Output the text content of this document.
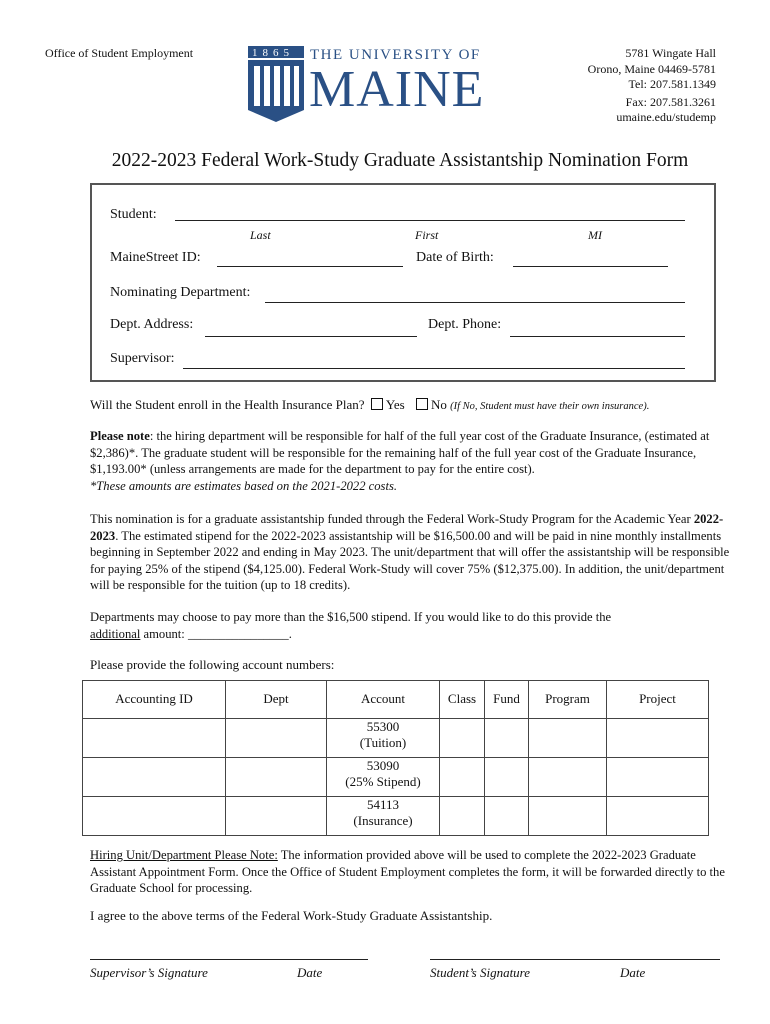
Office of Student Employment	1865 THE UNIVERSITY OF
MAINE
5781 Wingate Hall
Orono, Maine 04469-5781
Tel: 207.581.1349
Fax: 207.581.3261
umaine.edu/studemp
2022-2023 Federal Work-Study Graduate Assistantship Nomination Form
Student:
Last	First	MI
MaineStreet ID:	Date of Birth:
Nominating Department:
Dept. Address:	Dept. Phone:
Supervisor:
Will the Student enroll in the Health Insurance Plan? Yes No (If No, Student must have their own insurance).

Please note: the hiring department will be responsible for half of the full year cost of the Graduate Insurance, (estimated at $2,386)*. The graduate student will be responsible for the remaining half of the full year cost of the Graduate Insurance, $1,193.00* (unless arrangements are made for the department to pay for the entire cost).

*These amounts are estimates based on the 2021-2022 costs.

This nomination is for a graduate assistantship funded through the Federal Work-Study Program for the Academic Year 2022-2023. The estimated stipend for the 2022-2023 assistantship will be $16,500.00 and will be paid in nine monthly installments beginning in September 2022 and ending in May 2023. The unit/department that will offer the assistantship will be responsible for paying 25% of the stipend ($4,125.00). Federal Work-Study will cover 75% ($12,375.00). In addition, the unit/department will be responsible for the tuition (up to 18 credits).

Departments may choose to pay more than the $16,500 stipend. If you would like to do this provide the

additional amount: ________________.

Please provide the following account numbers:
Accounting ID	Dept	Account	Class	Fund	Program	Project

		55300
(Tuition)				

		53090
(25% Stipend)				

		54113
(Insurance)				

Hiring Unit/Department Please Note: The information provided above will be used to complete the 2022-2023 Graduate Assistant Appointment Form. Once the Office of Student Employment completes the form, it will be forwarded directly to the Graduate School for processing.

I agree to the above terms of the Federal Work-Study Graduate Assistantship.
Supervisor’s Signature	Date	Student’s Signature	Date
